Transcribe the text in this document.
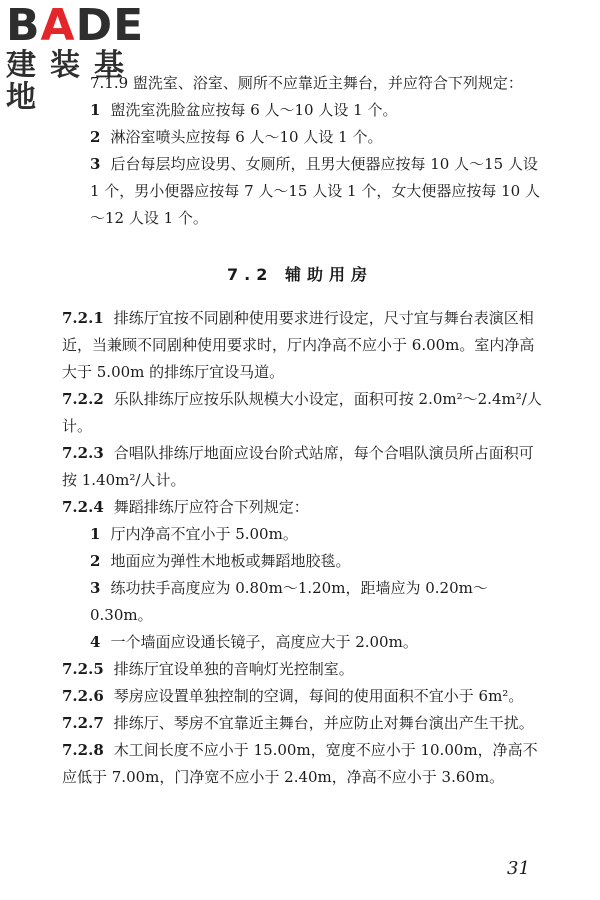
BADE
建装基地	7.1.9 盥洗室、浴室、厕所不应靠近主舞台，并应符合下列规定：
1 盥洗室洗脸盆应按每 6 人～10 人设 1 个。
2 淋浴室喷头应按每 6 人～10 人设 1 个。
3 后台每层均应设男、女厕所，且男大便器应按每 10 人～15 人设 1 个，男小便器应按每 7 人～15 人设 1 个，女大便器应按每 10 人～12 人设 1 个。
7.2 辅助用房
7.2.1 排练厅宜按不同剧种使用要求进行设定，尺寸宜与舞台表演区相近，当兼顾不同剧种使用要求时，厅内净高不应小于 6.00m。室内净高大于 5.00m 的排练厅宜设马道。
7.2.2 乐队排练厅应按乐队规模大小设定，面积可按 2.0m²～2.4m²/人计。
7.2.3 合唱队排练厅地面应设台阶式站席，每个合唱队演员所占面积可按 1.40m²/人计。
7.2.4 舞蹈排练厅应符合下列规定：
1 厅内净高不宜小于 5.00m。
2 地面应为弹性木地板或舞蹈地胶毯。
3 练功扶手高度应为 0.80m～1.20m，距墙应为 0.20m～0.30m。
4 一个墙面应设通长镜子，高度应大于 2.00m。
7.2.5 排练厅宜设单独的音响灯光控制室。
7.2.6 琴房应设置单独控制的空调，每间的使用面积不宜小于 6m²。
7.2.7 排练厅、琴房不宜靠近主舞台，并应防止对舞台演出产生干扰。
7.2.8 木工间长度不应小于 15.00m，宽度不应小于 10.00m，净高不应低于 7.00m，门净宽不应小于 2.40m，净高不应小于 3.60m。
31
